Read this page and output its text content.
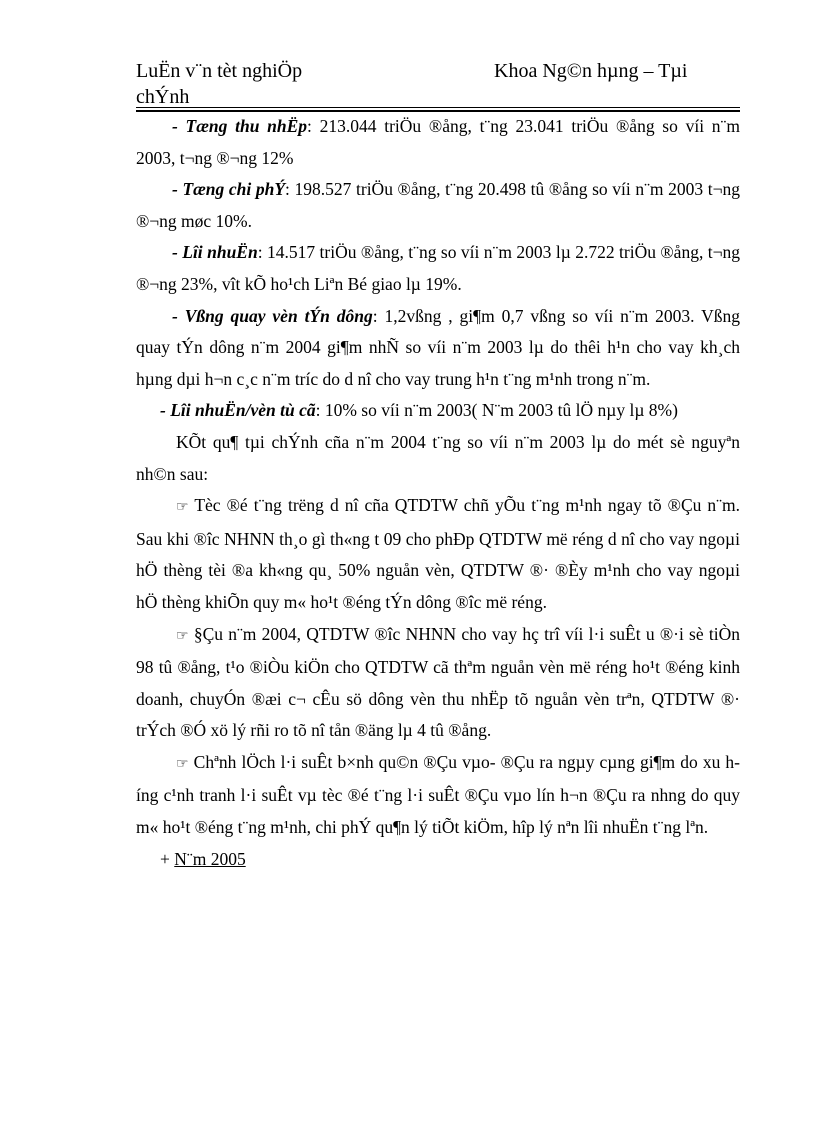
LuËn v¨n tèt nghiÖp chÝnh
Khoa Ng©n hµng – Tµi

- Tæng thu nhËp: 213.044 triÖu ®ång, t¨ng 23.041 triÖu ®ång so víi n¨m 2003, t¬ng ®¬ng 12%

- Tæng chi phÝ: 198.527 triÖu ®ång, t¨ng 20.498 tû ®ång so víi n¨m 2003 t¬ng ®¬ng møc 10%.

- Lîi nhuËn: 14.517 triÖu ®ång, t¨ng so víi n¨m 2003 lµ 2.722 triÖu ®ång, t¬ng ®¬ng 23%, vît kÕ ho¹ch Liªn Bé giao lµ 19%.

- Vßng quay vèn tÝn dông: 1,2vßng , gi¶m 0,7 vßng so víi n¨m 2003. Vßng quay tÝn dông n¨m 2004 gi¶m nhÑ so víi n¨m 2003 lµ do thêi h¹n cho vay kh¸ch hµng dµi h¬n c¸c n¨m tríc do d nî cho vay trung h¹n t¨ng m¹nh trong n¨m.

- Lîi nhuËn/vèn tù cã: 10% so víi n¨m 2003( N¨m 2003 tû lÖ nµy lµ 8%)

KÕt qu¶ tµi chÝnh cña n¨m 2004 t¨ng so víi n¨m 2003 lµ do mét sè nguyªn nh©n sau:

☞ Tèc ®é t¨ng trëng d nî cña QTDTW chñ yÕu t¨ng m¹nh ngay tõ ®Çu n¨m. Sau khi ®îc NHNN th¸o gì th«ng t 09 cho phÐp QTDTW më réng d nî cho vay ngoµi hÖ thèng tèi ®a kh«ng qu¸ 50% nguån vèn, QTDTW ®· ®Èy m¹nh cho vay ngoµi hÖ thèng khiÕn quy m« ho¹t ®éng tÝn dông ®îc më réng.

☞ §Çu n¨m 2004, QTDTW ®îc NHNN cho vay hç trî víi l·i suÊt u ®·i sè tiÒn 98 tû ®ång, t¹o ®iÒu kiÖn cho QTDTW cã thªm nguån vèn më réng ho¹t ®éng kinh doanh, chuyÓn ®æi c¬ cÊu sö dông vèn thu nhËp tõ nguån vèn trªn, QTDTW ®· trÝch ®Ó xö lý rñi ro tõ nî tån ®äng lµ 4 tû ®ång.

☞ Chªnh lÖch l·i suÊt b×nh qu©n ®Çu vµo- ®Çu ra ngµy cµng gi¶m do xu híng c¹nh tranh l·i suÊt vµ tèc ®é t¨ng l·i suÊt ®Çu vµo lín h¬n ®Çu ra nhng do quy m« ho¹t ®éng t¨ng m¹nh, chi phÝ qu¶n lý tiÕt kiÖm, hîp lý nªn lîi nhuËn t¨ng lªn.

+ N¨m 2005
